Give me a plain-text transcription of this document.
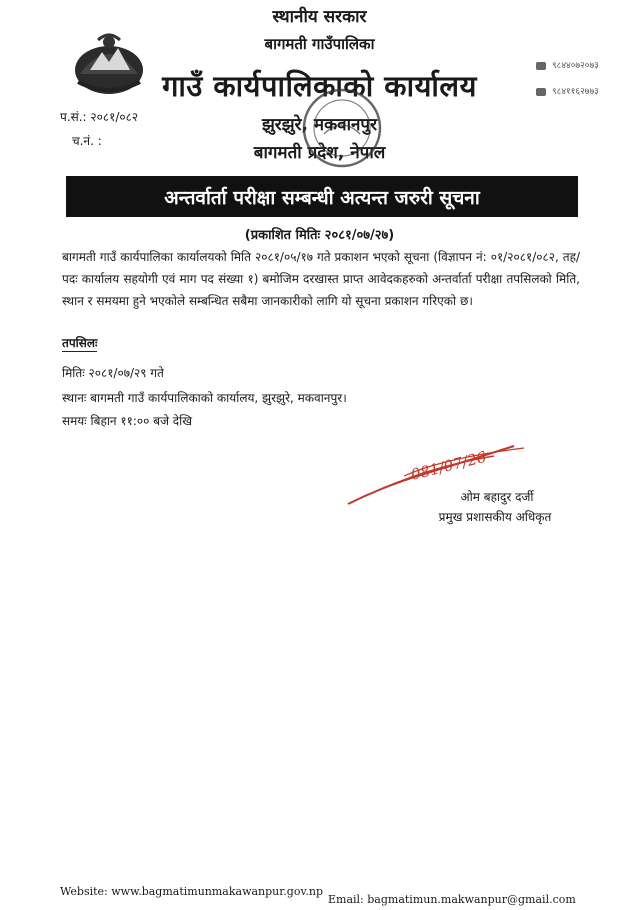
स्थानीय सरकार
बागमती गाउँपालिका
गाउँ कार्यपालिकाको कार्यालय
झुरझुरे, मकवानपुर
बागमती प्रदेश, नेपाल
९८४४०७२०७३
९८४११६२७७३
प.सं.: २०८१/०८२
च.नं. :
अन्तर्वार्ता परीक्षा सम्बन्धी अत्यन्त जरुरी सूचना
(प्रकाशित मितिः २०८१/०७/२७)
बागमती गाउँ कार्यपालिका कार्यालयको मिति २०८१/०५/१७ गते प्रकाशन भएको सूचना (विज्ञापन नं: ०१/२०८१/०८२, तह/पदः कार्यालय सहयोगी एवं माग पद संख्या १) बमोजिम दरखास्त प्राप्त आवेदकहरुको अन्तर्वार्ता परीक्षा तपसिलको मिति, स्थान र समयमा हुने भएकोले सम्बन्धित सबैमा जानकारीको लागि यो सूचना प्रकाशन गरिएको छ।
तपसिलः
मितिः २०८१/०७/२९ गते
स्थानः बागमती गाउँ कार्यपालिकाको कार्यालय, झुरझुरे, मकवानपुर।
समयः बिहान ११:०० बजे देखि
081/07/26
ओम बहादुर दर्जी
प्रमुख प्रशासकीय अधिकृत
Website: www.bagmatimunmakawanpur.gov.np
Email: bagmatimun.makwanpur@gmail.com
